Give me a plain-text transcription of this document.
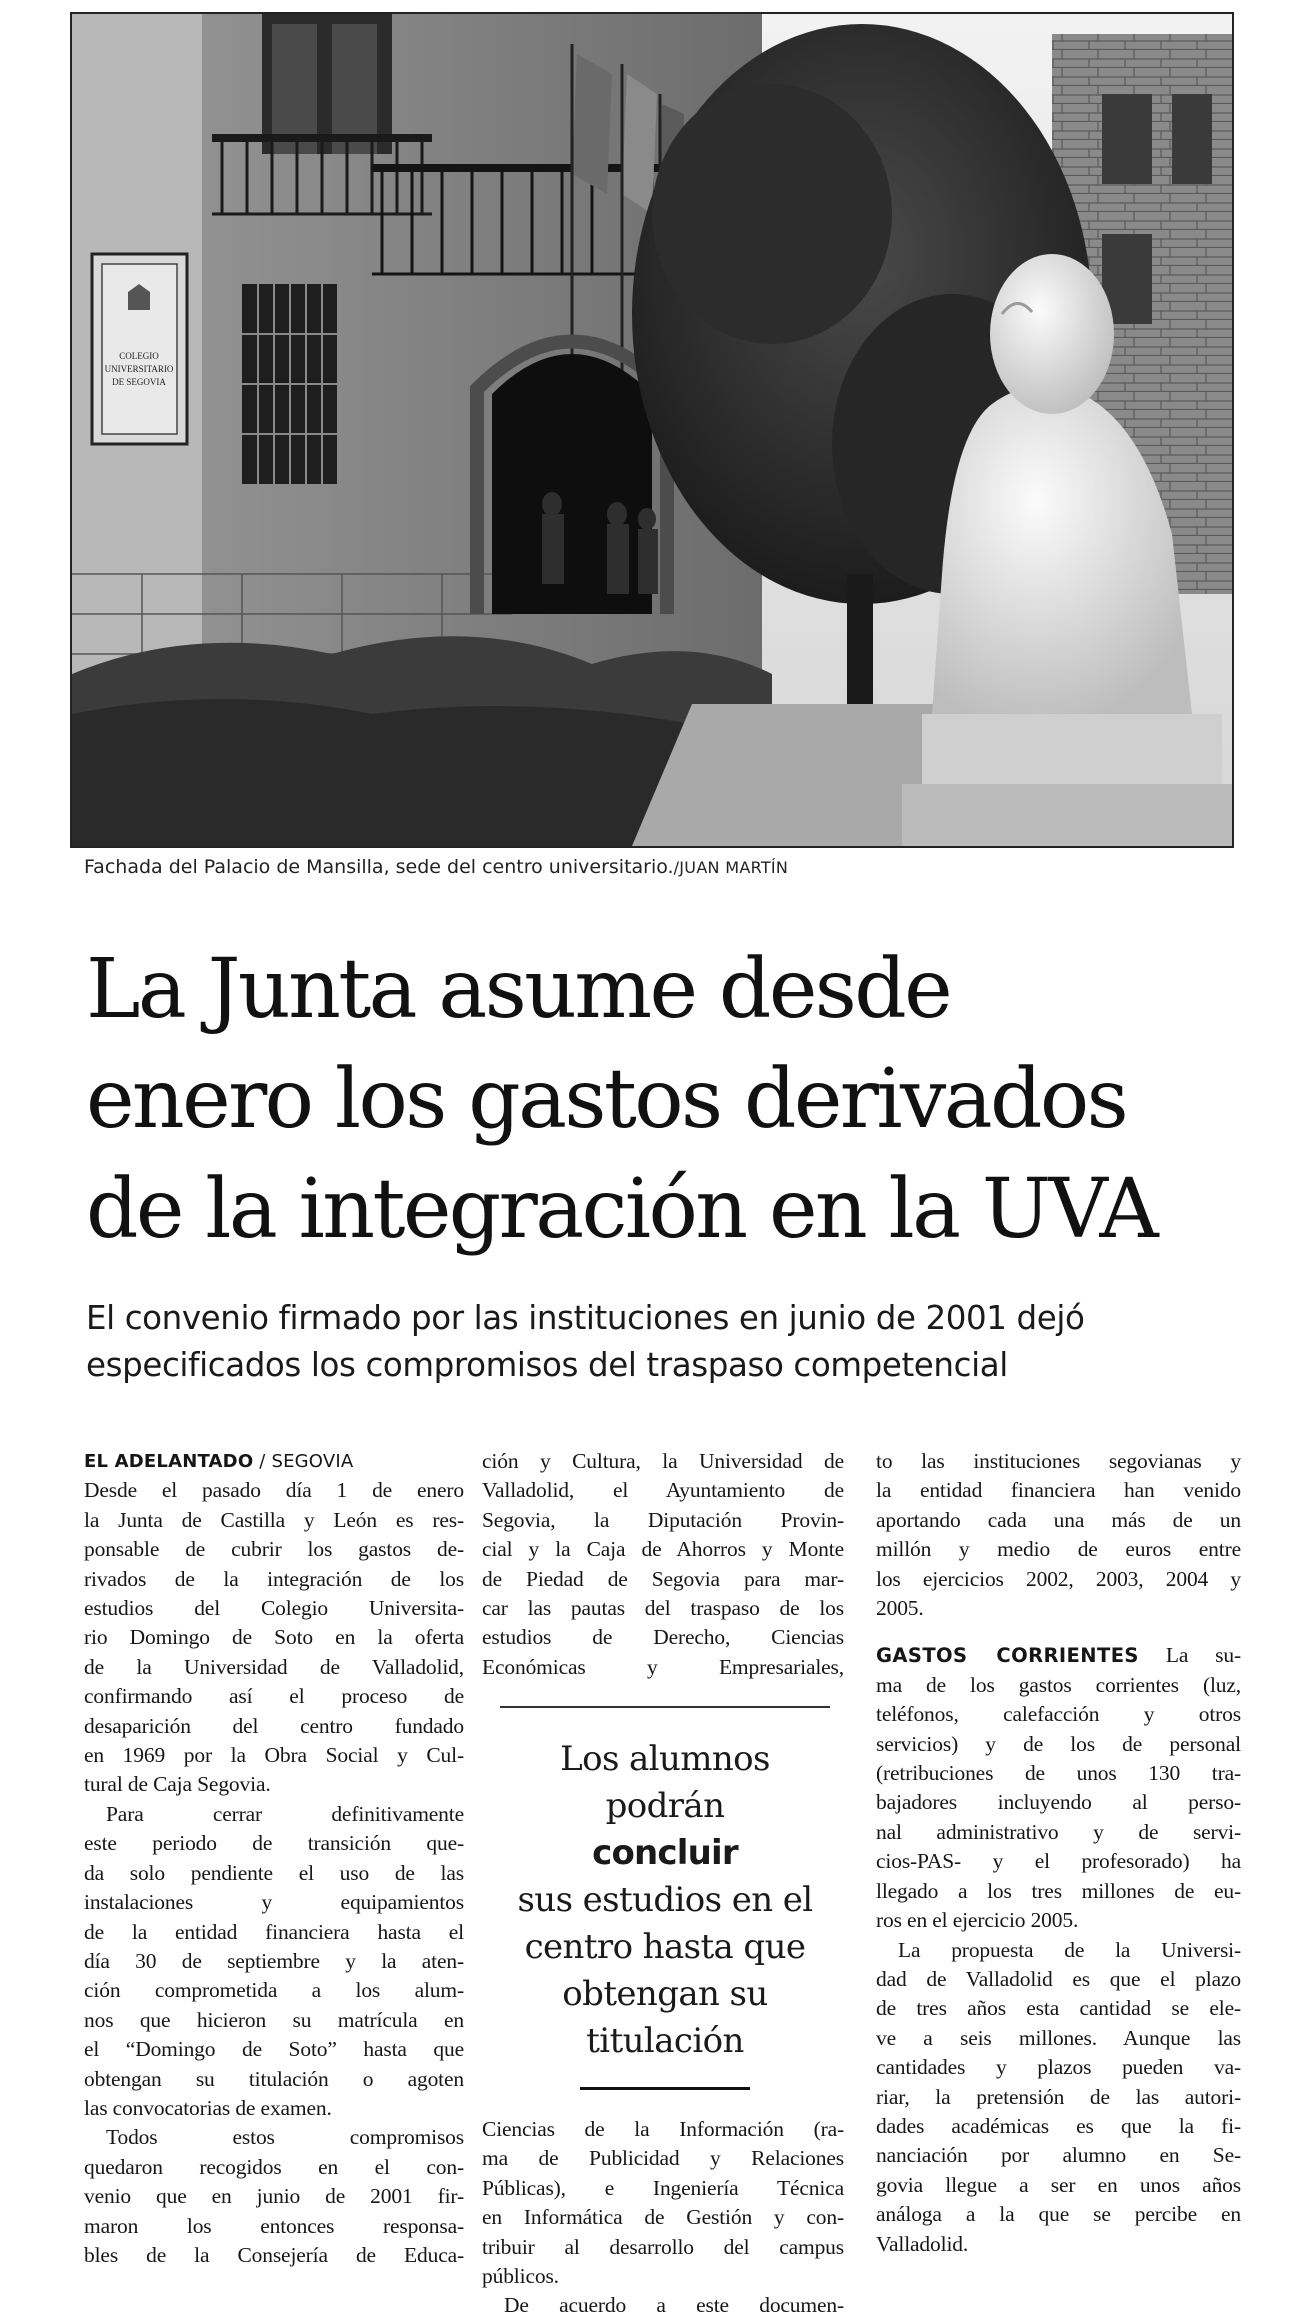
COLEGIO
UNIVERSITARIO
DE SEGOVIA
Fachada del Palacio de Mansilla, sede del centro universitario./JUAN MARTÍN
La Junta asume desde
enero los gastos derivados
de la integración en la UVA
El convenio firmado por las instituciones en junio de 2001 dejó
especificados los compromisos del traspaso competencial
EL ADELANTADO / SEGOVIA
Desde el pasado día 1 de enero
la Junta de Castilla y León es res-
ponsable de cubrir los gastos de-
rivados de la integración de los
estudios del Colegio Universita-
rio Domingo de Soto en la oferta
de la Universidad de Valladolid,
confirmando así el proceso de
desaparición del centro fundado
en 1969 por la Obra Social y Cul-
tural de Caja Segovia.
Para cerrar definitivamente
este periodo de transición que-
da solo pendiente el uso de las
instalaciones y equipamientos
de la entidad financiera hasta el
día 30 de septiembre y la aten-
ción comprometida a los alum-
nos que hicieron su matrícula en
el “Domingo de Soto” hasta que
obtengan su titulación o agoten
las convocatorias de examen.
Todos estos compromisos
quedaron recogidos en el con-
venio que en junio de 2001 fir-
maron los entonces responsa-
bles de la Consejería de Educa-
ción y Cultura, la Universidad de
Valladolid, el Ayuntamiento de
Segovia, la Diputación Provin-
cial y la Caja de Ahorros y Monte
de Piedad de Segovia para mar-
car las pautas del traspaso de los
estudios de Derecho, Ciencias
Económicas y Empresariales,
Los alumnos
podrán
concluir
sus estudios en el
centro hasta que
obtengan su
titulación
Ciencias de la Información (ra-
ma de Publicidad y Relaciones
Públicas), e Ingeniería Técnica
en Informática de Gestión y con-
tribuir al desarrollo del campus
públicos.
De acuerdo a este documen-
to las instituciones segovianas y
la entidad financiera han venido
aportando cada una más de un
millón y medio de euros entre
los ejercicios 2002, 2003, 2004 y
2005.
GASTOS CORRIENTES La su-
ma de los gastos corrientes (luz,
teléfonos, calefacción y otros
servicios) y de los de personal
(retribuciones de unos 130 tra-
bajadores incluyendo al perso-
nal administrativo y de servi-
cios-PAS- y el profesorado) ha
llegado a los tres millones de eu-
ros en el ejercicio 2005.
La propuesta de la Universi-
dad de Valladolid es que el plazo
de tres años esta cantidad se ele-
ve a seis millones. Aunque las
cantidades y plazos pueden va-
riar, la pretensión de las autori-
dades académicas es que la fi-
nanciación por alumno en Se-
govia llegue a ser en unos años
análoga a la que se percibe en
Valladolid.
